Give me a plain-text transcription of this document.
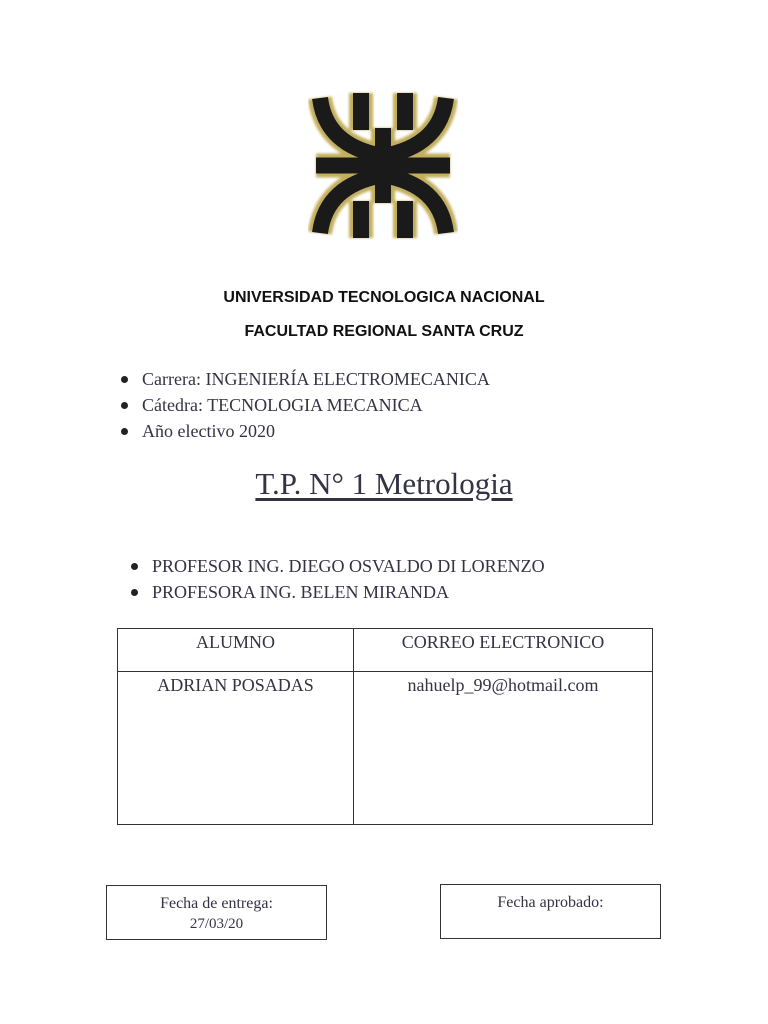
UNIVERSIDAD TECNOLOGICA NACIONAL
FACULTAD REGIONAL SANTA CRUZ
Carrera: INGENIERÍA ELECTROMECANICA
Cátedra: TECNOLOGIA MECANICA
Año electivo 2020
T.P. N° 1 Metrologia
PROFESOR ING. DIEGO OSVALDO DI LORENZO
PROFESORA ING. BELEN MIRANDA
ALUMNO	CORREO ELECTRONICO
ADRIAN POSADAS	nahuelp_99@hotmail.com
Fecha de entrega:
27/03/20
Fecha aprobado:
